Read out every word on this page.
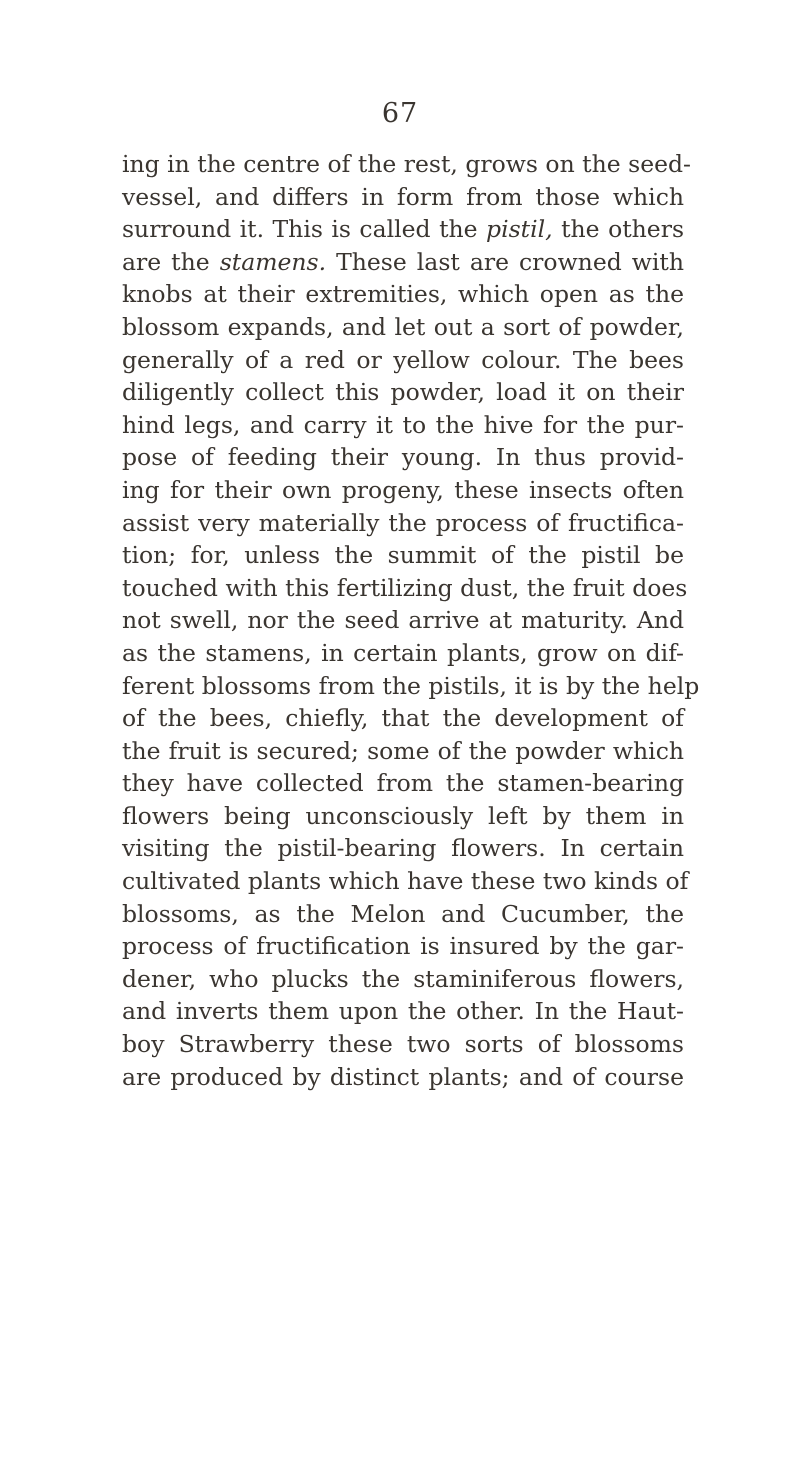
67
ing in the centre of the rest, grows on the seed-
vessel, and differs in form from those which
surround it. This is called the pistil, the others
are the stamens. These last are crowned with
knobs at their extremities, which open as the
blossom expands, and let out a sort of powder,
generally of a red or yellow colour. The bees
diligently collect this powder, load it on their
hind legs, and carry it to the hive for the pur-
pose of feeding their young. In thus provid-
ing for their own progeny, these insects often
assist very materially the process of fructifica-
tion; for, unless the summit of the pistil be
touched with this fertilizing dust, the fruit does
not swell, nor the seed arrive at maturity. And
as the stamens, in certain plants, grow on dif-
ferent blossoms from the pistils, it is by the help
of the bees, chiefly, that the development of
the fruit is secured; some of the powder which
they have collected from the stamen-bearing
flowers being unconsciously left by them in
visiting the pistil-bearing flowers. In certain
cultivated plants which have these two kinds of
blossoms, as the Melon and Cucumber, the
process of fructification is insured by the gar-
dener, who plucks the staminiferous flowers,
and inverts them upon the other. In the Haut-
boy Strawberry these two sorts of blossoms
are produced by distinct plants; and of course
